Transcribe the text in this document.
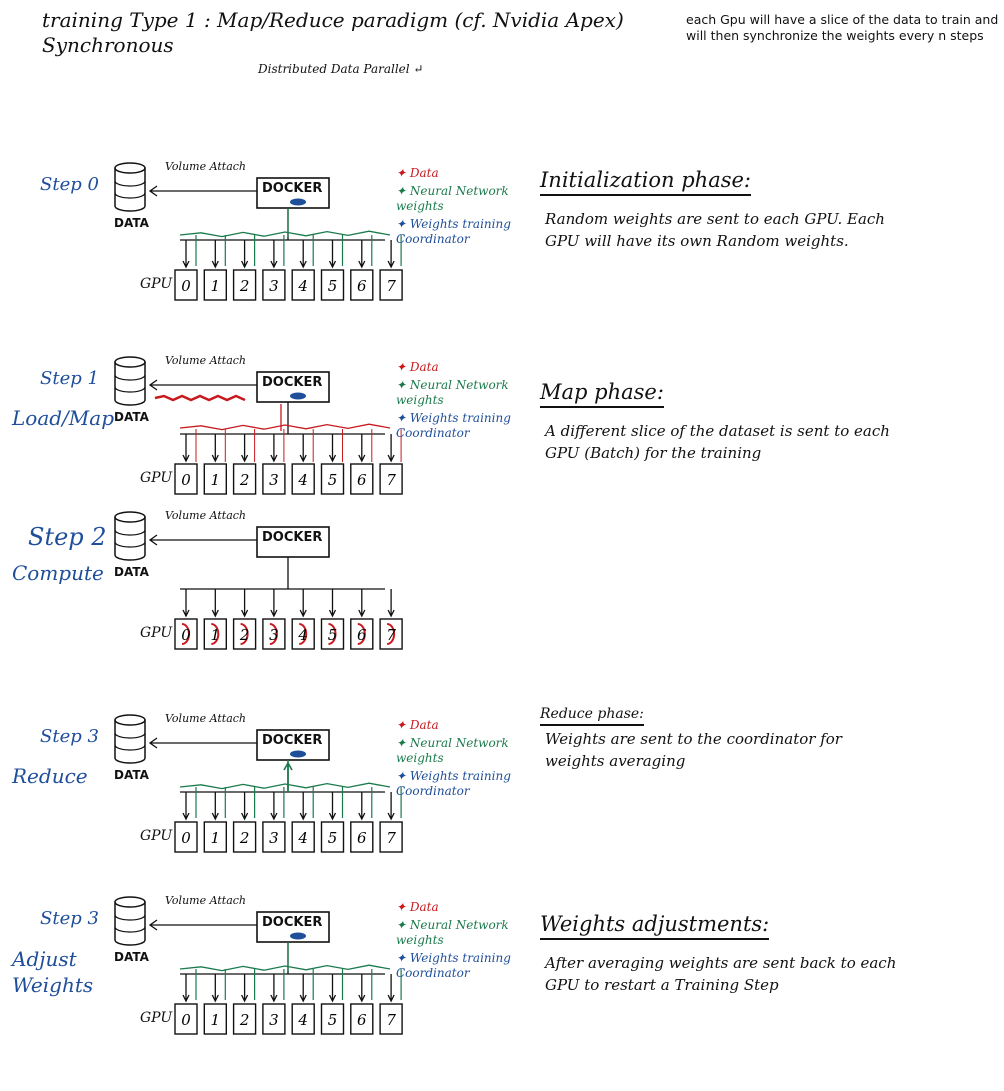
0 1 2 3 4 5 6 7
0 1 2 3 4 5 6 7
0 1 2 3 4 5 6 7
0 1 2 3 4 5 6 7
0 1 2 3 4 5 6 7
training Type 1 : Map/Reduce paradigm (cf. Nvidia Apex) Synchronous
Distributed Data Parallel ↵
each Gpu will have a slice of the data to train and will then synchronize the weights every n steps
Volume Attach
DOCKER
DATA
GPU
Step 0
✦ Data
✦ Neural Network weights
✦ Weights training Coordinator
Initialization phase:
Random weights are sent to each GPU. Each GPU will have its own Random weights.
Volume Attach
DOCKER
DATA
GPU
Step 1
Load/Map
✦ Data
✦ Neural Network weights
✦ Weights training Coordinator
Map phase:
A different slice of the dataset is sent to each GPU (Batch) for the training
Volume Attach
DOCKER
DATA
GPU
Step 2
Compute
Volume Attach
DOCKER
DATA
GPU
Step 3
Reduce
✦ Data
✦ Neural Network weights
✦ Weights training Coordinator
Reduce phase:
Weights are sent to the coordinator for weights averaging
Volume Attach
DOCKER
DATA
GPU
Step 3
Adjust Weights
✦ Data
✦ Neural Network weights
✦ Weights training Coordinator
Weights adjustments:
After averaging weights are sent back to each GPU to restart a Training Step
